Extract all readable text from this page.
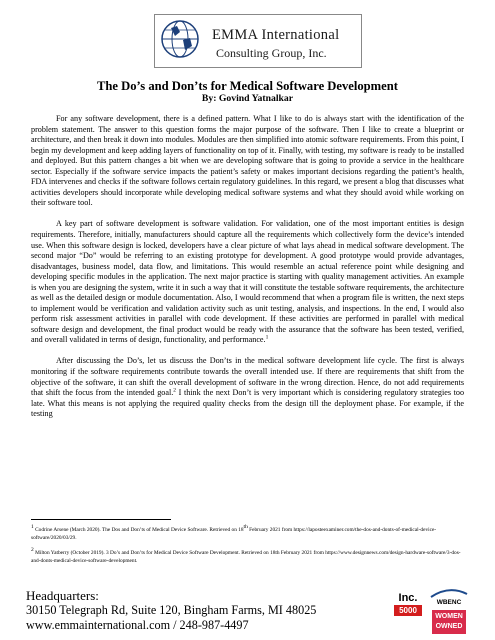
EMMA International
Consulting Group, Inc.
The Do’s and Don’ts for Medical Software Development
By: Govind Yatnalkar

For any software development, there is a defined pattern. What I like to do is always start with the identification of the problem statement. The answer to this question forms the major purpose of the software. Then I like to create a blueprint or architecture, and then break it down into modules. Modules are then simplified into atomic software requirements. From this point, I begin my development and keep adding layers of functionality on top of it. Finally, with testing, my software is ready to be installed and deployed. But this pattern changes a bit when we are developing software that is going to provide a service in the healthcare sector. Especially if the software service impacts the patient’s safety or makes important decisions regarding the patient’s health, FDA intervenes and checks if the software follows certain regulatory guidelines. In this regard, we present a blog that discusses what activities developers should incorporate while developing medical software systems and what they should avoid while working on their software tool.

A key part of software development is software validation. For validation, one of the most important entities is design requirements. Therefore, initially, manufacturers should capture all the requirements which collectively form the device’s intended use. When this software design is locked, developers have a clear picture of what lays ahead in medical software development. The second major “Do” would be referring to an existing prototype for development. A good prototype would provide advantages, disadvantages, business model, data flow, and limitations. This would resemble an actual reference point while designing and developing specific modules in the application. The next major practice is starting with quality management activities. An example is when you are designing the system, write it in such a way that it will constitute the testable software requirements, the architecture as well as the detailed design or module documentation. Also, I would recommend that when a program file is written, the next steps to implement would be verification and validation activity such as unit testing, analysis, and inspections. In the end, I would also perform risk assessment activities in parallel with code development. If these activities are performed in parallel with medical software design and development, the final product would be ready with the assurance that the software has been tested, verified, and overall validated in terms of design, functionality, and performance.$^1$

After discussing the Do’s, let us discuss the Don’ts in the medical software development life cycle. The first is always monitoring if the software requirements contribute towards the overall intended use. If there are requirements that shift from the objective of the software, it can shift the overall development of software in the wrong direction. Hence, do not add requirements that shift the focus from the intended goal.$^2$ I think the next Don’t is very important which is considering regulatory strategies too late. What this means is not applying the required quality checks from the design till the deployment phase. For example, if the testing

$^1$ Codrine Arsene (March 2020). The Dos and Don’ts of Medical Device Software. Retrieved on 18th February 2021 from https://laposteexaminer.com/the-dos-and-donts-of-medical-device-software/2020/03/29.
$^2$ Milton Yatberry (October 2019). 3 Do’s and Don’ts for Medical Device Software Development. Retrieved on 18th February 2021 from https://www.designnews.com/design-hardware-software/3-dos-and-donts-medical-device-software-development.
Headquarters:
30150 Telegraph Rd, Suite 120, Bingham Farms, MI 48025
www.emmainternational.com / 248-987-4497
Inc.
5000
WBENC
WOMEN OWNED
